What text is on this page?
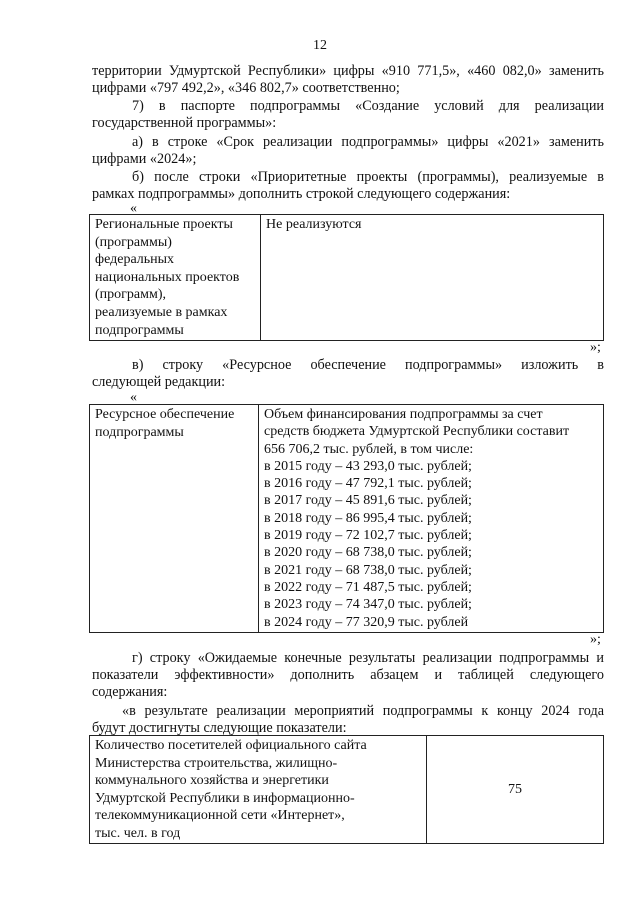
12
территории Удмуртской Республики» цифры «910 771,5», «460 082,0» заменить
цифрами «797 492,2», «346 802,7» соответственно;
7) в паспорте подпрограммы «Создание условий для реализации
государственной программы»:
а) в строке «Срок реализации подпрограммы» цифры «2021» заменить
цифрами «2024»;
б) после строки «Приоритетные проекты (программы), реализуемые в
рамках подпрограммы» дополнить строкой следующего содержания:
«
Региональные проекты
(программы)
федеральных
национальных проектов
(программ),
реализуемые в рамках
подпрограммы
	Не реализуются
»;
в) строку «Ресурсное обеспечение подпрограммы» изложить в
следующей редакции:
«
Ресурсное обеспечение
подпрограммы

Объем финансирования подпрограммы за счет
средств бюджета Удмуртской Республики составит
656 706,2 тыс. рублей, в том числе:
в 2015 году – 43 293,0 тыс. рублей;
в 2016 году – 47 792,1 тыс. рублей;
в 2017 году – 45 891,6 тыс. рублей;
в 2018 году – 86 995,4 тыс. рублей;
в 2019 году – 72 102,7 тыс. рублей;
в 2020 году – 68 738,0 тыс. рублей;
в 2021 году – 68 738,0 тыс. рублей;
в 2022 году – 71 487,5 тыс. рублей;
в 2023 году – 74 347,0 тыс. рублей;
в 2024 году – 77 320,9 тыс. рублей
»;
г) строку «Ожидаемые конечные результаты реализации подпрограммы и
показатели эффективности» дополнить абзацем и таблицей следующего
содержания:
«в результате реализации мероприятий подпрограммы к концу 2024 года
будут достигнуты следующие показатели:
Количество посетителей официального сайта
Министерства строительства, жилищно-
коммунального хозяйства и энергетики
Удмуртской Республики в информационно-
телекоммуникационной сети «Интернет»,
тыс. чел. в год
	75
